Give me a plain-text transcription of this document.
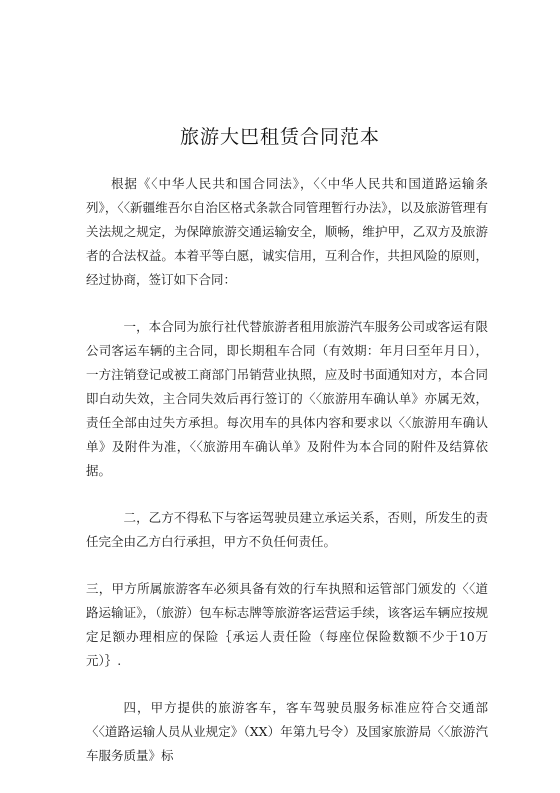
旅游大巴租赁合同范本

根据《〈中华人民共和国合同法》，〈〈中华人民共和国道路运输条列》，〈〈新疆维吾尔自治区格式条款合同管理暂行办法》，以及旅游管理有关法规之规定，为保障旅游交通运输安全，顺畅，维护甲，乙双方及旅游者的合法权益。本着平等白愿，诚实信用，互利合作，共担风险的原则，经过协商，签订如下合同：

一，本合同为旅行社代替旅游者租用旅游汽车服务公司或客运有限公司客运车辆的主合同，即长期租车合同（有效期：年月曰至年月日），一方注销登记或被工商部门吊销营业执照，应及时书面通知对方，本合同即白动失效，主合同失效后再行签订的〈〈旅游用车确认单》亦属无效，责任全部由过失方承担。每次用车的具体内容和要求以〈〈旅游用车确认单》及附件为准，〈〈旅游用车确认单》及附件为本合同的附件及结算依据。

二，乙方不得私下与客运驾驶员建立承运关系，否则，所发生的责任完全由乙方白行承担，甲方不负任何责任。

三，甲方所属旅游客车必须具备有效的行车执照和运管部门颁发的〈〈道路运输证》，（旅游）包车标志牌等旅游客运营运手续，该客运车辆应按规定足额办理相应的保险｛承运人责任险（每座位保险数额不少于10万元）｝.

四，甲方提供的旅游客车，客车驾驶员服务标准应符合交通部〈〈道路运输人员从业规定》（XX）年第九号令）及国家旅游局〈〈旅游汽车服务质量》标
